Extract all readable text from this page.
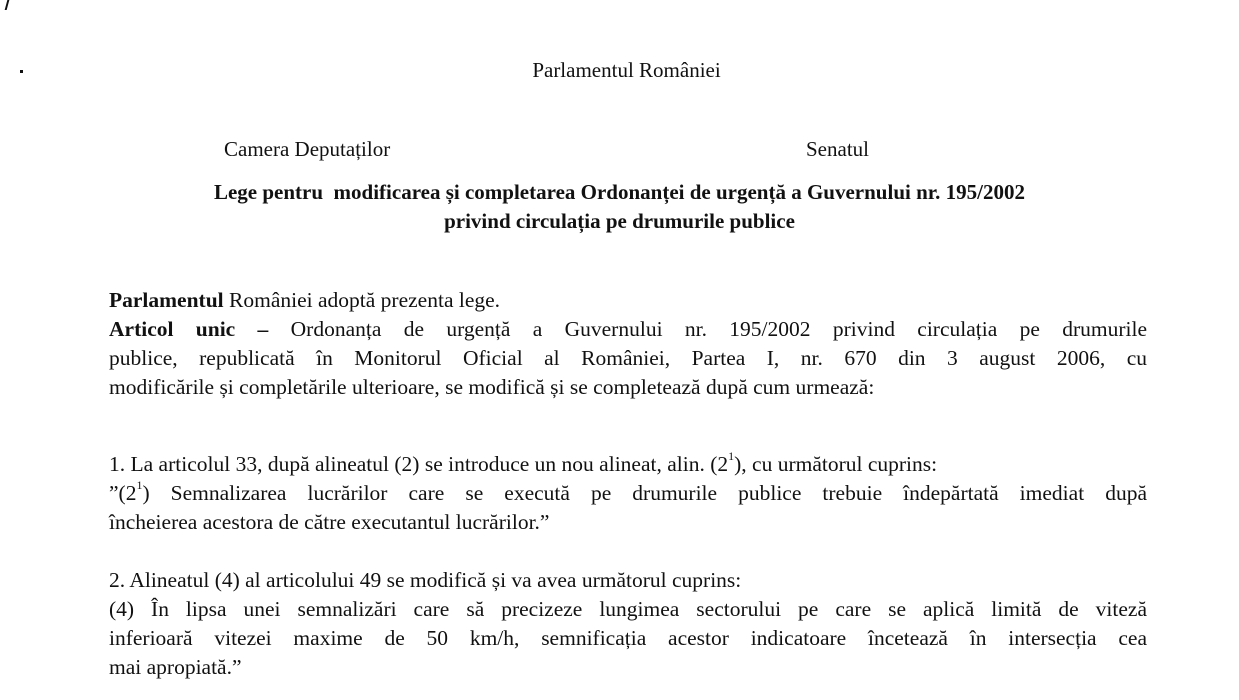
Parlamentul României
Camera Deputaților	Senatul
Lege pentru  modificarea și completarea Ordonanței de urgență a Guvernului nr. 195/2002
privind circulația pe drumurile publice
Parlamentul României adoptă prezenta lege.
Articol unic – Ordonanța de urgență a Guvernului nr. 195/2002 privind circulația pe drumurile
publice, republicată în Monitorul Oficial al României, Partea I, nr. 670 din 3 august 2006, cu
modificările și completările ulterioare, se modifică și se completează după cum urmează:
1. La articolul 33, după alineatul (2) se introduce un nou alineat, alin. $(2^1)$, cu următorul cuprins:
$”(2^1)$ Semnalizarea lucrărilor care se execută pe drumurile publice trebuie îndepărtată imediat după
încheierea acestora de către executantul lucrărilor.”
2. Alineatul (4) al articolului 49 se modifică și va avea următorul cuprins:
(4) În lipsa unei semnalizări care să precizeze lungimea sectorului pe care se aplică limită de viteză
inferioară vitezei maxime de 50 km/h, semnificația acestor indicatoare încetează în intersecția cea
mai apropiată.”
